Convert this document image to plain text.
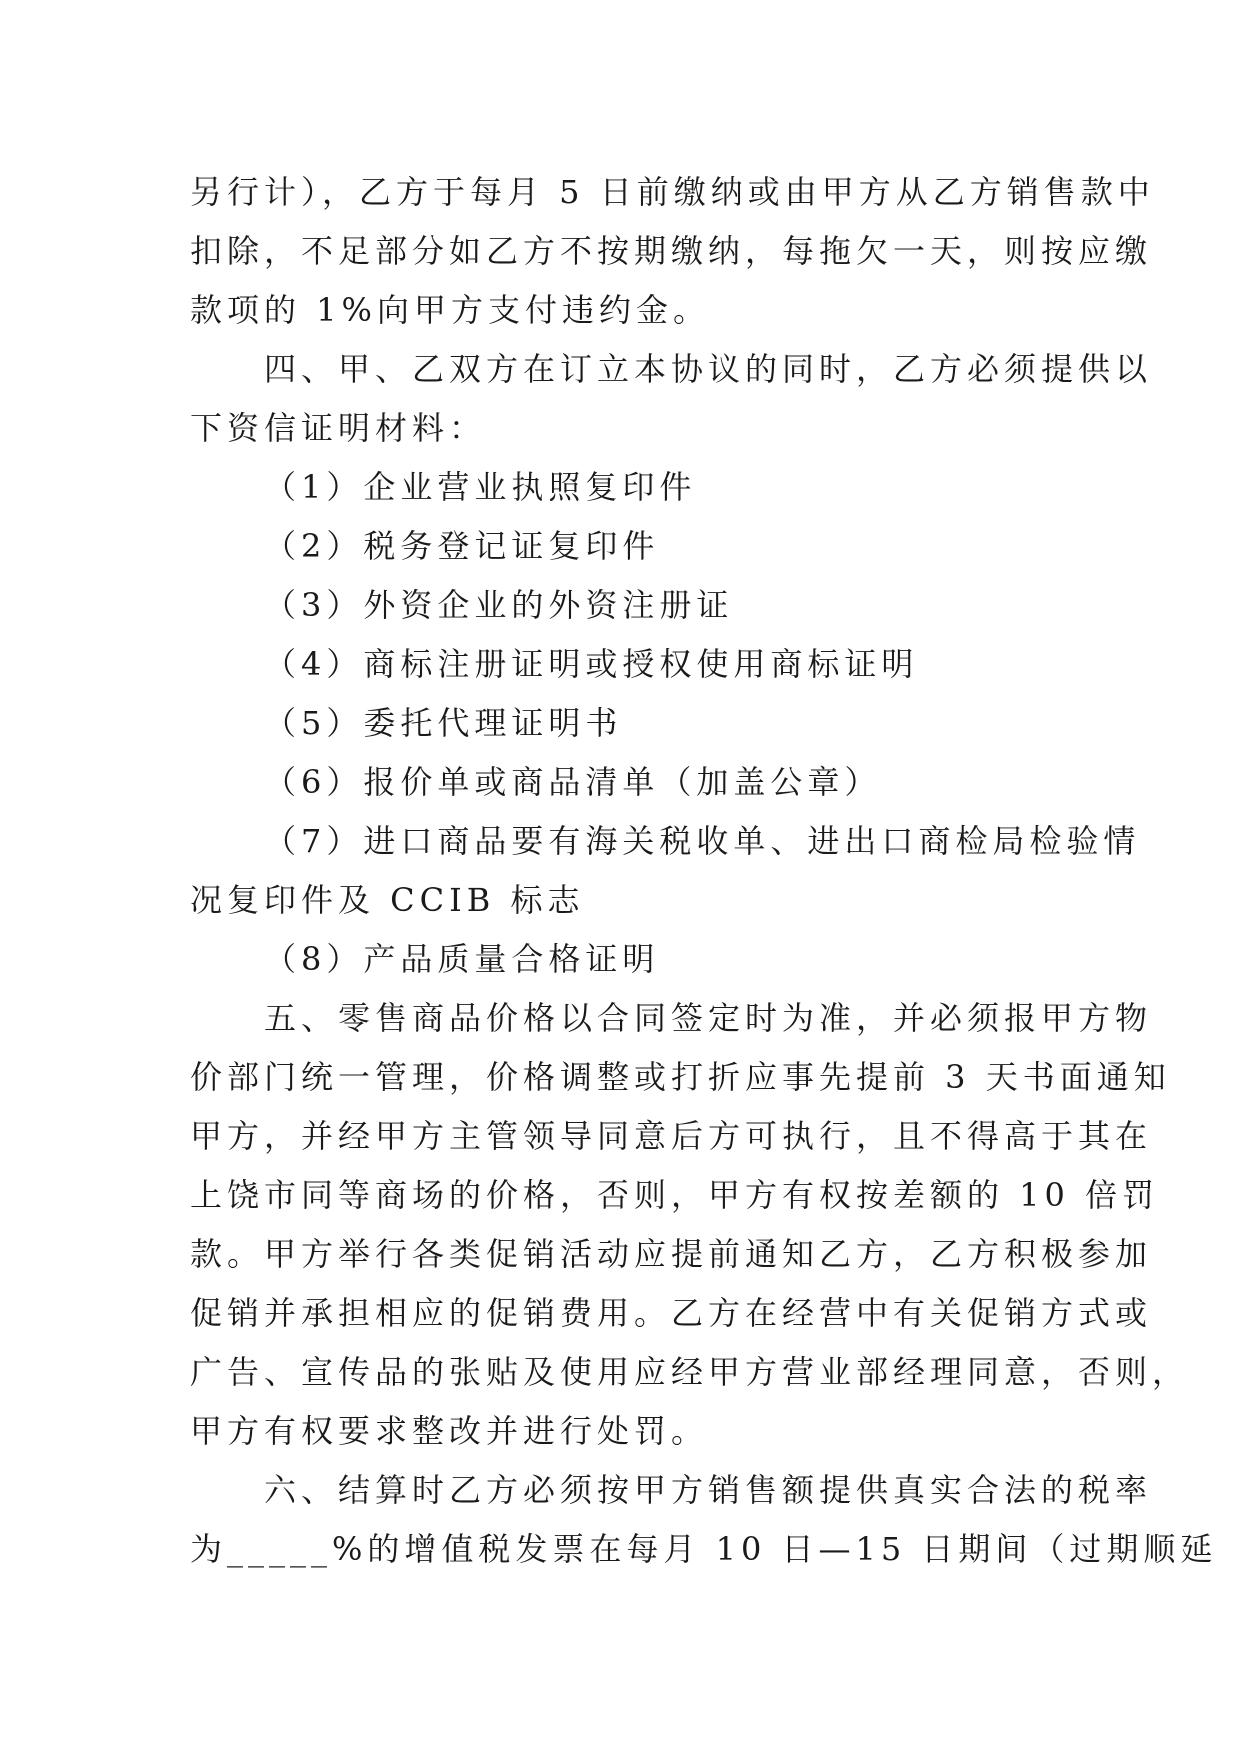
另行计），乙方于每月 5 日前缴纳或由甲方从乙方销售款中
扣除，不足部分如乙方不按期缴纳，每拖欠一天，则按应缴
款项的 1%向甲方支付违约金。
四、甲、乙双方在订立本协议的同时，乙方必须提供以
下资信证明材料：
（1）企业营业执照复印件
（2）税务登记证复印件
（3）外资企业的外资注册证
（4）商标注册证明或授权使用商标证明
（5）委托代理证明书
（6）报价单或商品清单（加盖公章）
（7）进口商品要有海关税收单、进出口商检局检验情
况复印件及 CCIB 标志
（8）产品质量合格证明
五、零售商品价格以合同签定时为准，并必须报甲方物
价部门统一管理，价格调整或打折应事先提前 3 天书面通知
甲方，并经甲方主管领导同意后方可执行，且不得高于其在
上饶市同等商场的价格，否则，甲方有权按差额的 10 倍罚
款。甲方举行各类促销活动应提前通知乙方，乙方积极参加
促销并承担相应的促销费用。乙方在经营中有关促销方式或
广告、宣传品的张贴及使用应经甲方营业部经理同意，否则，
甲方有权要求整改并进行处罚。
六、结算时乙方必须按甲方销售额提供真实合法的税率
为_____%的增值税发票在每月 10 日—15 日期间（过期顺延
